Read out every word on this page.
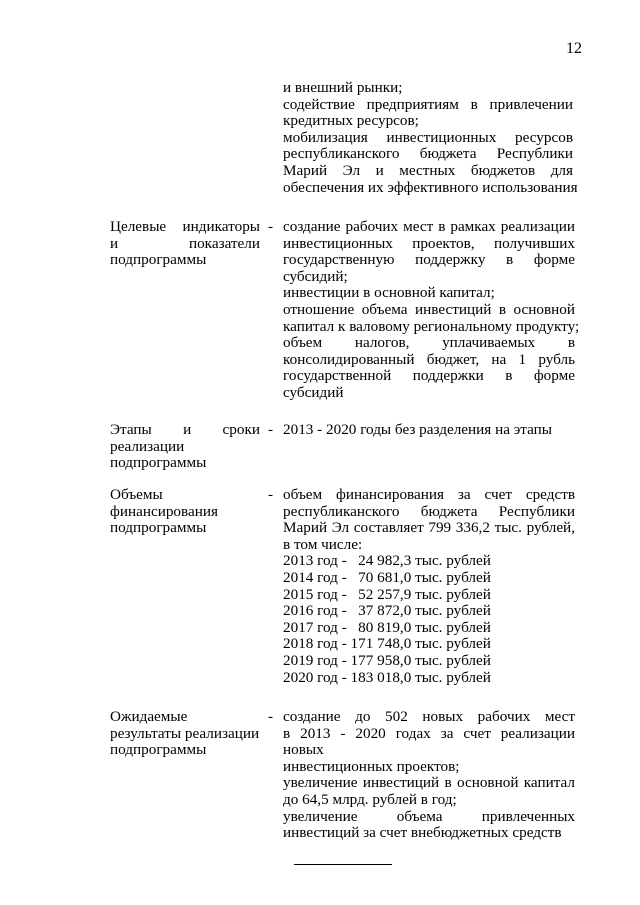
12
и внешний рынки;
содействие предприятиям в привлечении
кредитных ресурсов;
мобилизация инвестиционных ресурсов
республиканского бюджета Республики
Марий Эл и местных бюджетов для
обеспечения их эффективного использования
Целевые индикаторы
и показатели
подпрограммы
- создание рабочих мест в рамках реализации
инвестиционных проектов, получивших
государственную поддержку в форме
субсидий;
инвестиции в основной капитал;
отношение объема инвестиций в основной
капитал к валовому региональному продукту;
объем налогов, уплачиваемых в
консолидированный бюджет, на 1 рубль
государственной поддержки в форме
субсидий
Этапы и сроки
реализации
подпрограммы
- 2013 - 2020 годы без разделения на этапы
Объемы
финансирования
подпрограммы
- объем финансирования за счет средств
республиканского бюджета Республики
Марий Эл составляет 799 336,2 тыс. рублей,
в том числе:
2013 год -   24 982,3 тыс. рублей
2014 год -   70 681,0 тыс. рублей
2015 год -   52 257,9 тыс. рублей
2016 год -   37 872,0 тыс. рублей
2017 год -   80 819,0 тыс. рублей
2018 год - 171 748,0 тыс. рублей
2019 год - 177 958,0 тыс. рублей
2020 год - 183 018,0 тыс. рублей
Ожидаемые
результаты реализации
подпрограммы
- создание до 502 новых рабочих мест
в 2013 - 2020 годах за счет реализации новых
инвестиционных проектов;
увеличение инвестиций в основной капитал
до 64,5 млрд. рублей в год;
увеличение объема привлеченных
инвестиций за счет внебюджетных средств
